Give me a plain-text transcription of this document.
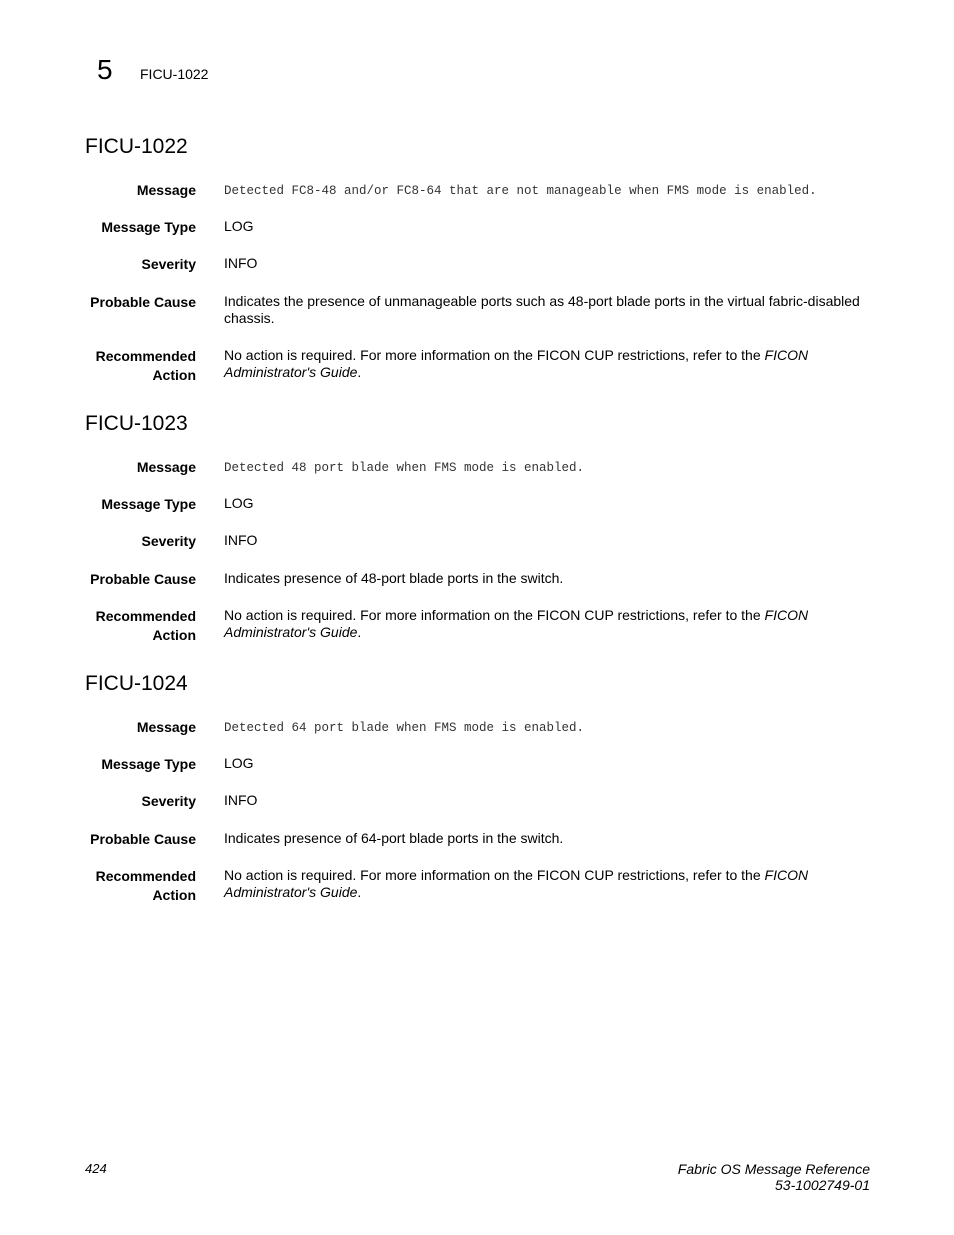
5 FICU-1022
FICU-1022
Message Detected FC8-48 and/or FC8-64 that are not manageable when FMS mode is enabled.
Message Type LOG
Severity INFO
Probable Cause Indicates the presence of unmanageable ports such as 48-port blade ports in the virtual fabric-disabled chassis.
Recommended
Action
No action is required. For more information on the FICON CUP restrictions, refer to the FICON Administrator's Guide.
FICU-1023
Message Detected 48 port blade when FMS mode is enabled.
Message Type LOG
Severity INFO
Probable Cause Indicates presence of 48-port blade ports in the switch.
Recommended
Action
No action is required. For more information on the FICON CUP restrictions, refer to the FICON Administrator's Guide.
FICU-1024
Message Detected 64 port blade when FMS mode is enabled.
Message Type LOG
Severity INFO
Probable Cause Indicates presence of 64-port blade ports in the switch.
Recommended
Action
No action is required. For more information on the FICON CUP restrictions, refer to the FICON Administrator's Guide.
424	Fabric OS Message Reference
53-1002749-01
